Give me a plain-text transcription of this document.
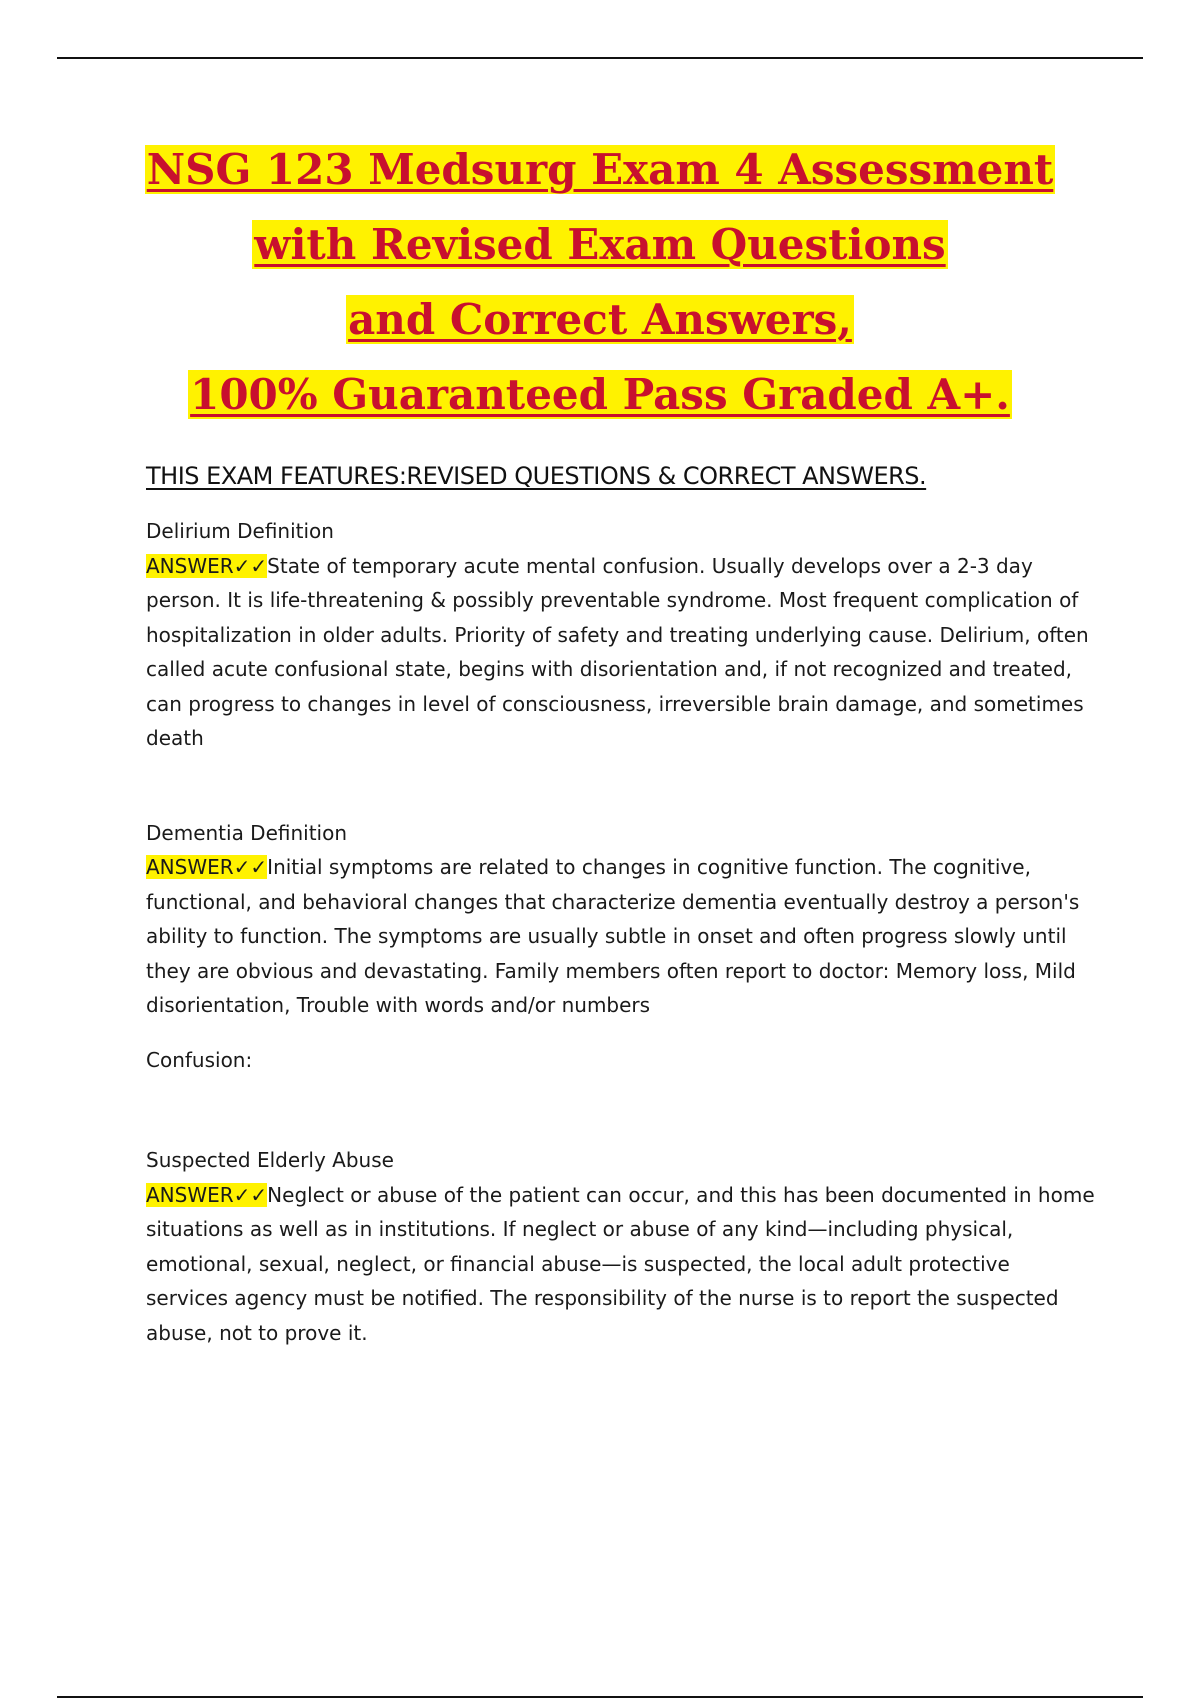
NSG 123 Medsurg Exam 4 Assessment
with Revised Exam Questions
and Correct Answers,
100% Guaranteed Pass Graded A+.

THIS EXAM FEATURES:REVISED QUESTIONS & CORRECT ANSWERS.

Delirium Definition

ANSWER✓✓State of temporary acute mental confusion. Usually develops over a 2-3 day person. It is life-threatening & possibly preventable syndrome. Most frequent complication of hospitalization in older adults. Priority of safety and treating underlying cause. Delirium, often called acute confusional state, begins with disorientation and, if not recognized and treated, can progress to changes in level of consciousness, irreversible brain damage, and sometimes death

Dementia Definition

ANSWER✓✓Initial symptoms are related to changes in cognitive function. The cognitive, functional, and behavioral changes that characterize dementia eventually destroy a person's ability to function. The symptoms are usually subtle in onset and often progress slowly until they are obvious and devastating. Family members often report to doctor: Memory loss, Mild disorientation, Trouble with words and/or numbers

Confusion:

Suspected Elderly Abuse

ANSWER✓✓Neglect or abuse of the patient can occur, and this has been documented in home situations as well as in institutions. If neglect or abuse of any kind—including physical, emotional, sexual, neglect, or financial abuse—is suspected, the local adult protective services agency must be notified. The responsibility of the nurse is to report the suspected abuse, not to prove it.
